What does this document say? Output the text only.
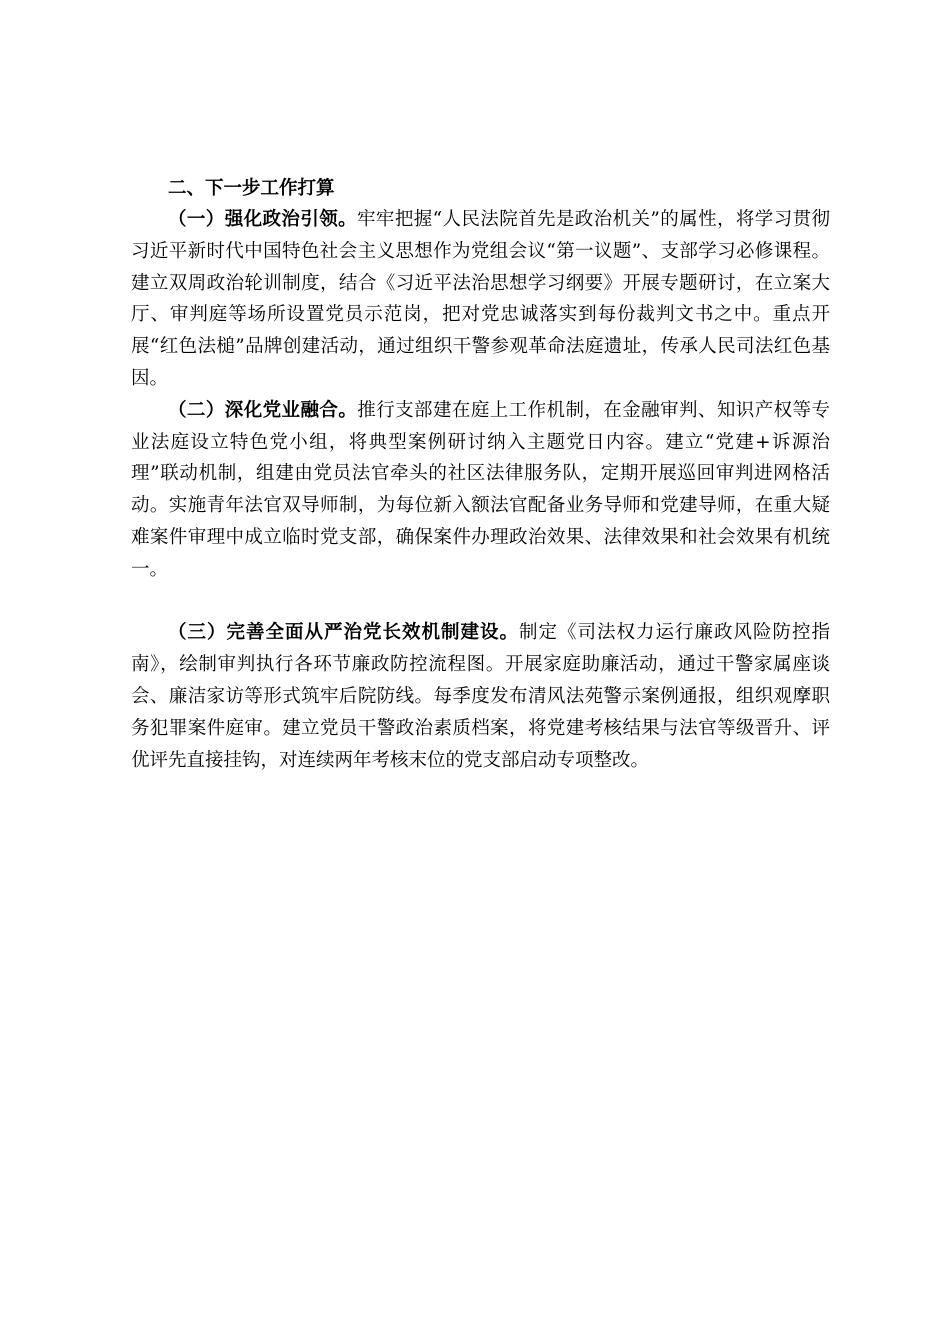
二、下一步工作打算

（一）强化政治引领。牢牢把握“人民法院首先是政治机关”的属性，将学习贯彻习近平新时代中国特色社会主义思想作为党组会议“第一议题”、支部学习必修课程。建立双周政治轮训制度，结合《习近平法治思想学习纲要》开展专题研讨，在立案大厅、审判庭等场所设置党员示范岗，把对党忠诚落实到每份裁判文书之中。重点开展“红色法槌”品牌创建活动，通过组织干警参观革命法庭遗址，传承人民司法红色基因。

（二）深化党业融合。推行支部建在庭上工作机制，在金融审判、知识产权等专业法庭设立特色党小组，将典型案例研讨纳入主题党日内容。建立“党建+诉源治理”联动机制，组建由党员法官牵头的社区法律服务队，定期开展巡回审判进网格活动。实施青年法官双导师制，为每位新入额法官配备业务导师和党建导师，在重大疑难案件审理中成立临时党支部，确保案件办理政治效果、法律效果和社会效果有机统一。

（三）完善全面从严治党长效机制建设。制定《司法权力运行廉政风险防控指南》，绘制审判执行各环节廉政防控流程图。开展家庭助廉活动，通过干警家属座谈会、廉洁家访等形式筑牢后院防线。每季度发布清风法苑警示案例通报，组织观摩职务犯罪案件庭审。建立党员干警政治素质档案，将党建考核结果与法官等级晋升、评优评先直接挂钩，对连续两年考核末位的党支部启动专项整改。
